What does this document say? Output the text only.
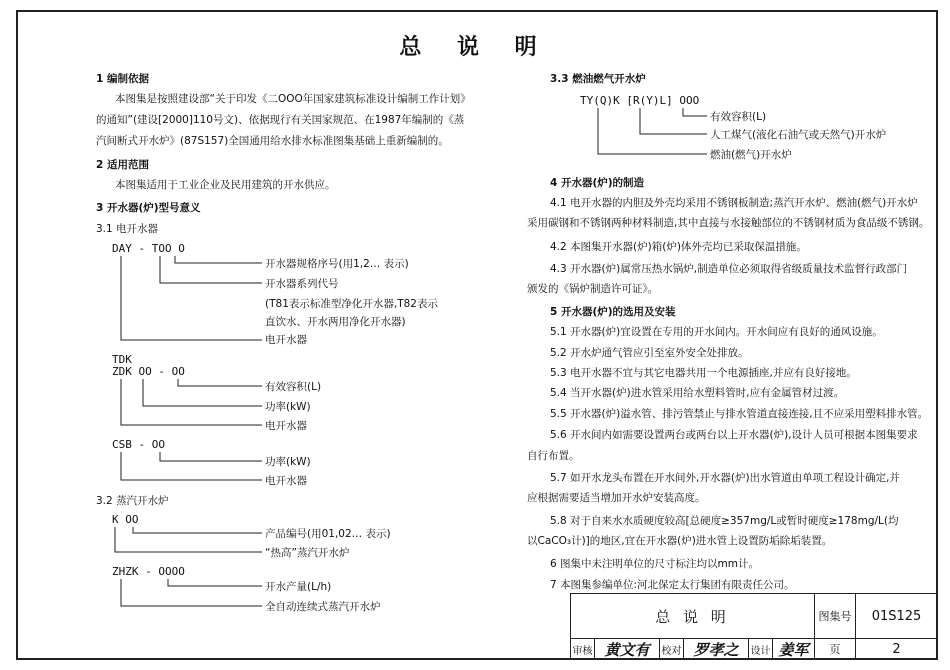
总 说 明
1 编制依据
本图集是按照建设部“关于印发《二OOO年国家建筑标准设计编制工作计划》
的通知”(建设[2000]110号文)、依据现行有关国家规范、在1987年编制的《蒸
汽间断式开水炉》(87S157)全国通用给水排水标准图集基础上重新编制的。
2 适用范围
本图集适用于工业企业及民用建筑的开水供应。
3 开水器(炉)型号意义
3.1 电开水器
DAY - TOO O
开水器规格序号(用1,2… 表示)
开水器系列代号
(T81表示标准型净化开水器,T82表示
直饮水、开水两用净化开水器)
电开水器
TDK
ZDK OO - OO
有效容积(L)
功率(kW)
电开水器
CSB - OO
功率(kW)
电开水器
3.2 蒸汽开水炉
K OO
产品编号(用01,02… 表示)
“热高”蒸汽开水炉
ZHZK - OOOO
开水产量(L/h)
全自动连续式蒸汽开水炉
3.3 燃油燃气开水炉
TY(Q)K [R(Y)L] OOO
有效容积(L)
人工煤气(液化石油气或天然气)开水炉
燃油(燃气)开水炉
4 开水器(炉)的制造
4.1 电开水器的内胆及外壳均采用不锈钢板制造;蒸汽开水炉、燃油(燃气)开水炉
采用碳钢和不锈钢两种材料制造,其中直接与水接触部位的不锈钢材质为食品级不锈钢。
4.2 本图集开水器(炉)箱(炉)体外壳均已采取保温措施。
4.3 开水器(炉)属常压热水锅炉,制造单位必须取得省级质量技术监督行政部门
颁发的《锅炉制造许可证》。
5 开水器(炉)的选用及安装
5.1 开水器(炉)宜设置在专用的开水间内。开水间应有良好的通风设施。
5.2 开水炉通气管应引至室外安全处排放。
5.3 电开水器不宜与其它电器共用一个电源插座,并应有良好接地。
5.4 当开水器(炉)进水管采用给水塑料管时,应有金属管材过渡。
5.5 开水器(炉)溢水管、排污管禁止与排水管道直接连接,且不应采用塑料排水管。
5.6 开水间内如需要设置两台或两台以上开水器(炉),设计人员可根据本图集要求
自行布置。
5.7 如开水龙头布置在开水间外,开水器(炉)出水管道由单项工程设计确定,并
应根据需要适当增加开水炉安装高度。
5.8 对于自来水水质硬度较高[总硬度≥357mg/L或暂时硬度≥178mg/L(均
以CaCO₃计)]的地区,宜在开水器(炉)进水管上设置防垢除垢装置。
6 图集中未注明单位的尺寸标注均以mm计。
7 本图集参编单位:河北保定太行集团有限责任公司。
总 说 明	图集号	01S125
审核 黄文有	校对 罗孝之	设计 姜军	页	2
